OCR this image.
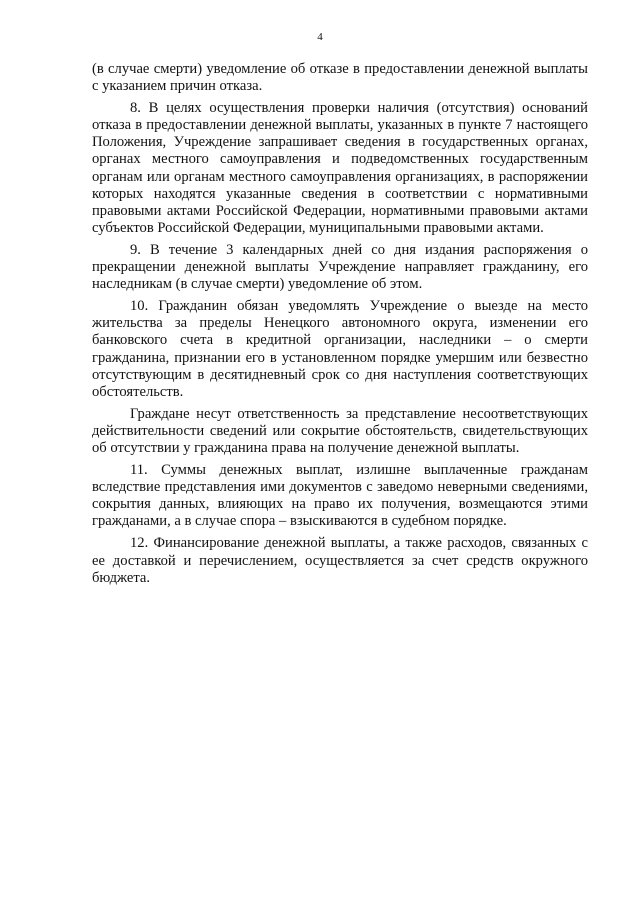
4

(в случае смерти) уведомление об отказе в предоставлении денежной выплаты с указанием причин отказа.

8. В целях осуществления проверки наличия (отсутствия) оснований отказа в предоставлении денежной выплаты, указанных в пункте 7 настоящего Положения, Учреждение запрашивает сведения в государственных органах, органах местного самоуправления и подведомственных государственным органам или органам местного самоуправления организациях, в распоряжении которых находятся указанные сведения в соответствии с нормативными правовыми актами Российской Федерации, нормативными правовыми актами субъектов Российской Федерации, муниципальными правовыми актами.

9. В течение 3 календарных дней со дня издания распоряжения о прекращении денежной выплаты Учреждение направляет гражданину, его наследникам (в случае смерти) уведомление об этом.

10. Гражданин обязан уведомлять Учреждение о выезде на место жительства за пределы Ненецкого автономного округа, изменении его банковского счета в кредитной организации, наследники – о смерти гражданина, признании его в установленном порядке умершим или безвестно отсутствующим в десятидневный срок со дня наступления соответствующих обстоятельств.

Граждане несут ответственность за представление несоответствующих действительности сведений или сокрытие обстоятельств, свидетельствующих об отсутствии у гражданина права на получение денежной выплаты.

11. Суммы денежных выплат, излишне выплаченные гражданам вследствие представления ими документов с заведомо неверными сведениями, сокрытия данных, влияющих на право их получения, возмещаются этими гражданами, а в случае спора – взыскиваются в судебном порядке.

12. Финансирование денежной выплаты, а также расходов, связанных с ее доставкой и перечислением, осуществляется за счет средств окружного бюджета.
